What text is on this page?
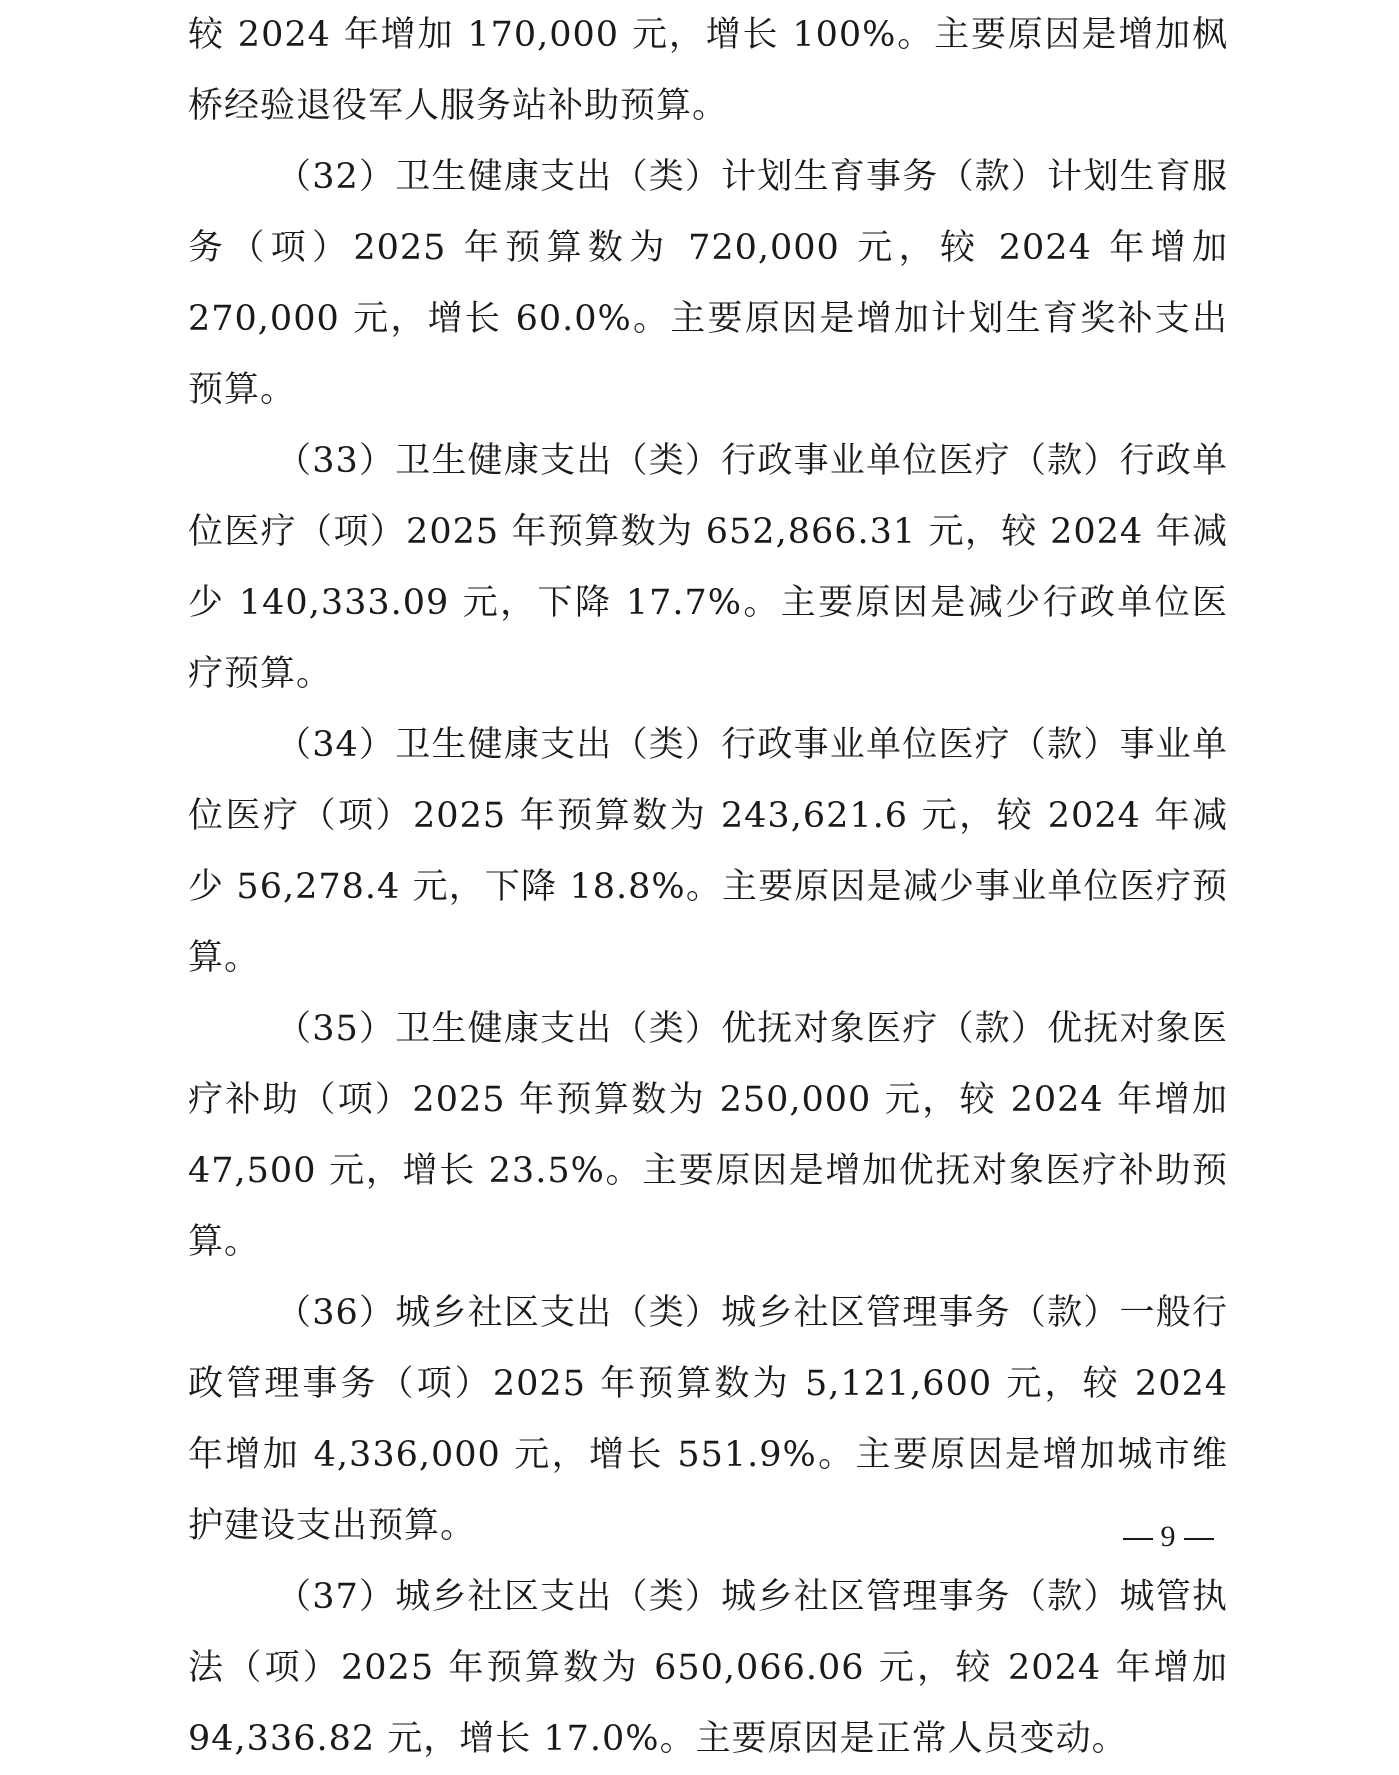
较 2024 年增加 170,000 元，增长 100%。主要原因是增加枫桥经验退役军人服务站补助预算。

（32）卫生健康支出（类）计划生育事务（款）计划生育服务（项）2025 年预算数为 720,000 元，较 2024 年增加 270,000 元，增长 60.0%。主要原因是增加计划生育奖补支出预算。

（33）卫生健康支出（类）行政事业单位医疗（款）行政单位医疗（项）2025 年预算数为 652,866.31 元，较 2024 年减少 140,333.09 元，下降 17.7%。主要原因是减少行政单位医疗预算。

（34）卫生健康支出（类）行政事业单位医疗（款）事业单位医疗（项）2025 年预算数为 243,621.6 元，较 2024 年减少 56,278.4 元，下降 18.8%。主要原因是减少事业单位医疗预算。

（35）卫生健康支出（类）优抚对象医疗（款）优抚对象医疗补助（项）2025 年预算数为 250,000 元，较 2024 年增加 47,500 元，增长 23.5%。主要原因是增加优抚对象医疗补助预算。

（36）城乡社区支出（类）城乡社区管理事务（款）一般行政管理事务（项）2025 年预算数为 5,121,600 元，较 2024 年增加 4,336,000 元，增长 551.9%。主要原因是增加城市维护建设支出预算。

（37）城乡社区支出（类）城乡社区管理事务（款）城管执法（项）2025 年预算数为 650,066.06 元，较 2024 年增加 94,336.82 元，增长 17.0%。主要原因是正常人员变动。

9
